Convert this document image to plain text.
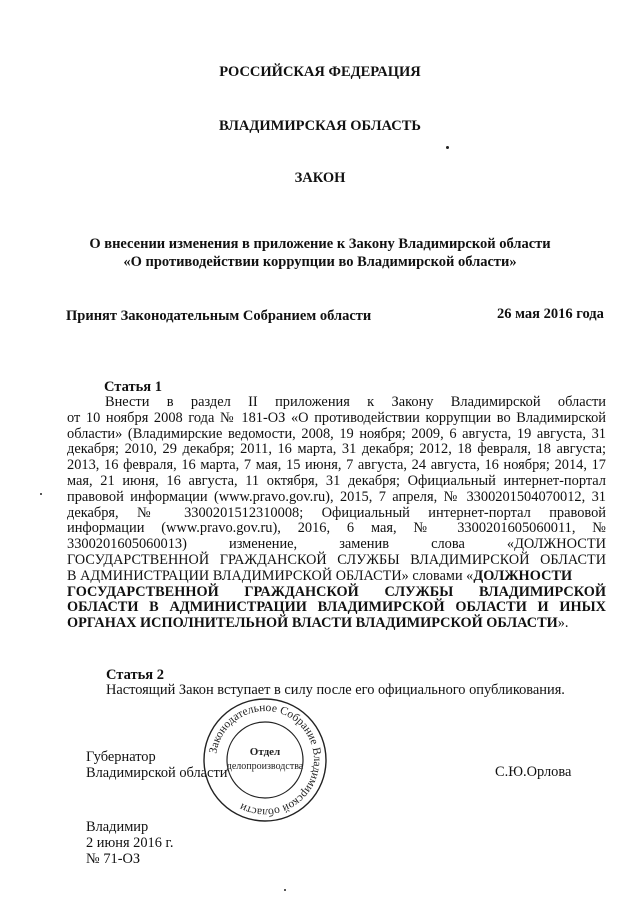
РОССИЙСКАЯ ФЕДЕРАЦИЯ
ВЛАДИМИРСКАЯ ОБЛАСТЬ
ЗАКОН
О внесении изменения в приложение к Закону Владимирской области
«О противодействии коррупции во Владимирской области»
Принят Законодательным Собранием области	26 мая 2016 года
Статья 1
Внести в раздел II приложения к Закону Владимирской области
от 10 ноября 2008 года № 181-ОЗ «О противодействии коррупции во Владимирской
области» (Владимирские ведомости, 2008, 19 ноября; 2009, 6 августа, 19 августа, 31
декабря; 2010, 29 декабря; 2011, 16 марта, 31 декабря; 2012, 18 февраля, 18 августа;
2013, 16 февраля, 16 марта, 7 мая, 15 июня, 7 августа, 24 августа, 16 ноября; 2014, 17
мая, 21 июня, 16 августа, 11 октября, 31 декабря; Официальный интернет-портал
правовой информации (www.pravo.gov.ru), 2015, 7 апреля, № 3300201504070012, 31
декабря, № 3300201512310008; Официальный интернет-портал правовой
информации (www.pravo.gov.ru), 2016, 6 мая, № 3300201605060011, №
3300201605060013) изменение, заменив слова «ДОЛЖНОСТИ
ГОСУДАРСТВЕННОЙ ГРАЖДАНСКОЙ СЛУЖБЫ ВЛАДИМИРСКОЙ ОБЛАСТИ
В АДМИНИСТРАЦИИ ВЛАДИМИРСКОЙ ОБЛАСТИ» словами «ДОЛЖНОСТИ
ГОСУДАРСТВЕННОЙ ГРАЖДАНСКОЙ СЛУЖБЫ ВЛАДИМИРСКОЙ
ОБЛАСТИ В АДМИНИСТРАЦИИ ВЛАДИМИРСКОЙ ОБЛАСТИ И ИНЫХ
ОРГАНАХ ИСПОЛНИТЕЛЬНОЙ ВЛАСТИ ВЛАДИМИРСКОЙ ОБЛАСТИ».
Статья 2
Настоящий Закон вступает в силу после его официального опубликования.
Губернатор
Владимирской области	С.Ю.Орлова
Законодательное Собрание Владимирской области
Отдел
делопроизводства
Владимир
2 июня 2016 г.
№ 71-ОЗ
